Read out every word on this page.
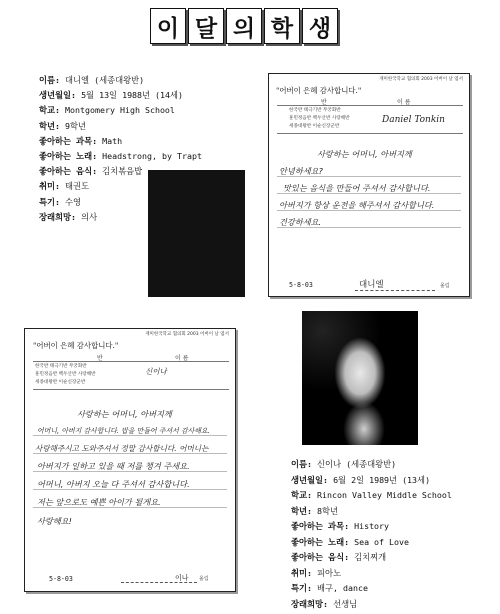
이 달 의 학 생
이름: 대니엘 (세종대왕반)
생년월일: 5월 13일 1988년 (14세)
학교: Montgomery High School
학년: 9학년
좋아하는 과목: Math
좋아하는 노래: Headstrong, by Trapt
좋아하는 음식: 김치볶음밥
취미: 태권도
특기: 수영
장래희망: 의사
재미한국학교 협의회 2003 어버이 날 엽서
"어버이 은혜 감사합니다."
반	이 름
한국반 태극기반 무궁화반
훈민정음반 백두산반 사랑해반
세종대왕반 이순신장군반
Daniel Tonkin
사랑하는 어머니, 아버지께
안녕하세요?
맛있는 음식을 만들어 주셔서 감사합니다.
아버지가 항상 운전을 해주셔서 감사합니다.
건강하세요.
5-8-03	대니엘	올림
재미한국학교 협의회 2003 어버이 날 엽서
"어버이 은혜 감사합니다."
반	이 름
한국반 태극기반 무궁화반
훈민정음반 백두산반 사랑해반
세종대왕반 이순신장군반
신이나
사랑하는 어머니, 아버지께
어머니, 아버지 감사합니다. 밥을 만들어 주셔서 감사해요.
사랑해주시고 도와주셔서 정말 감사합니다. 어머니는
아버지가 일하고 있을 때 저를 챙겨 주세요.
어머니, 아버지 오늘 다 주셔서 감사합니다.
저는 앞으로도 예쁜 아이가 될게요.
사랑해요!
5-8-03	이나 올림
이름: 신이나 (세종대왕반)
생년월일: 6월 2일 1989년 (13세)
학교: Rincon Valley Middle School
학년: 8학년
좋아하는 과목: History
좋아하는 노래: Sea of Love
좋아하는 음식: 김치찌개
취미: 피아노
특기: 배구, dance
장래희망: 선생님
